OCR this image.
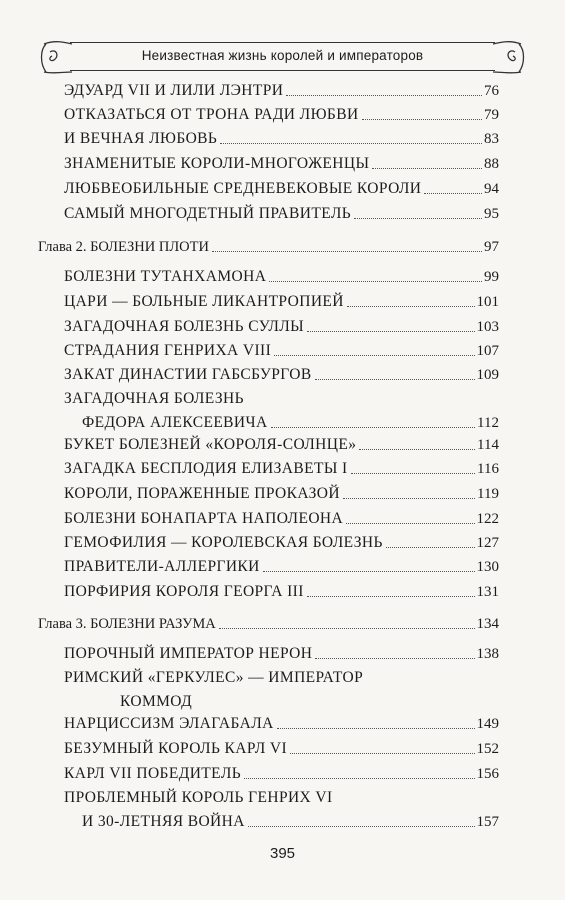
Неизвестная жизнь королей и императоров
ЭДУАРД VII И ЛИЛИ ЛЭНТРИ	76
ОТКАЗАТЬСЯ ОТ ТРОНА РАДИ ЛЮБВИ	79
И ВЕЧНАЯ ЛЮБОВЬ	83
ЗНАМЕНИТЫЕ КОРОЛИ-МНОГОЖЕНЦЫ	88
ЛЮБВЕОБИЛЬНЫЕ СРЕДНЕВЕКОВЫЕ КОРОЛИ	94
САМЫЙ МНОГОДЕТНЫЙ ПРАВИТЕЛЬ	95
Глава 2. БОЛЕЗНИ ПЛОТИ	97
БОЛЕЗНИ ТУТАНХАМОНА	99
ЦАРИ — БОЛЬНЫЕ ЛИКАНТРОПИЕЙ	101
ЗАГАДОЧНАЯ БОЛЕЗНЬ СУЛЛЫ	103
СТРАДАНИЯ ГЕНРИХА VIII	107
ЗАКАТ ДИНАСТИИ ГАБСБУРГОВ	109
ЗАГАДОЧНАЯ БОЛЕЗНЬ
ФЕДОРА АЛЕКСЕЕВИЧА	112
БУКЕТ БОЛЕЗНЕЙ «КОРОЛЯ-СОЛНЦЕ»	114
ЗАГАДКА БЕСПЛОДИЯ ЕЛИЗАВЕТЫ I	116
КОРОЛИ, ПОРАЖЕННЫЕ ПРОКАЗОЙ	119
БОЛЕЗНИ БОНАПАРТА НАПОЛЕОНА	122
ГЕМОФИЛИЯ — КОРОЛЕВСКАЯ БОЛЕЗНЬ	127
ПРАВИТЕЛИ-АЛЛЕРГИКИ	130
ПОРФИРИЯ КОРОЛЯ ГЕОРГА III	131
Глава 3. БОЛЕЗНИ РАЗУМА	134
ПОРОЧНЫЙ ИМПЕРАТОР НЕРОН	138
РИМСКИЙ «ГЕРКУЛЕС» — ИМПЕРАТОР
КОММОД
НАРЦИССИЗМ ЭЛАГАБАЛА	149
БЕЗУМНЫЙ КОРОЛЬ КАРЛ VI	152
КАРЛ VII ПОБЕДИТЕЛЬ	156
ПРОБЛЕМНЫЙ КОРОЛЬ ГЕНРИХ VI
И 30-ЛЕТНЯЯ ВОЙНА	157
395
